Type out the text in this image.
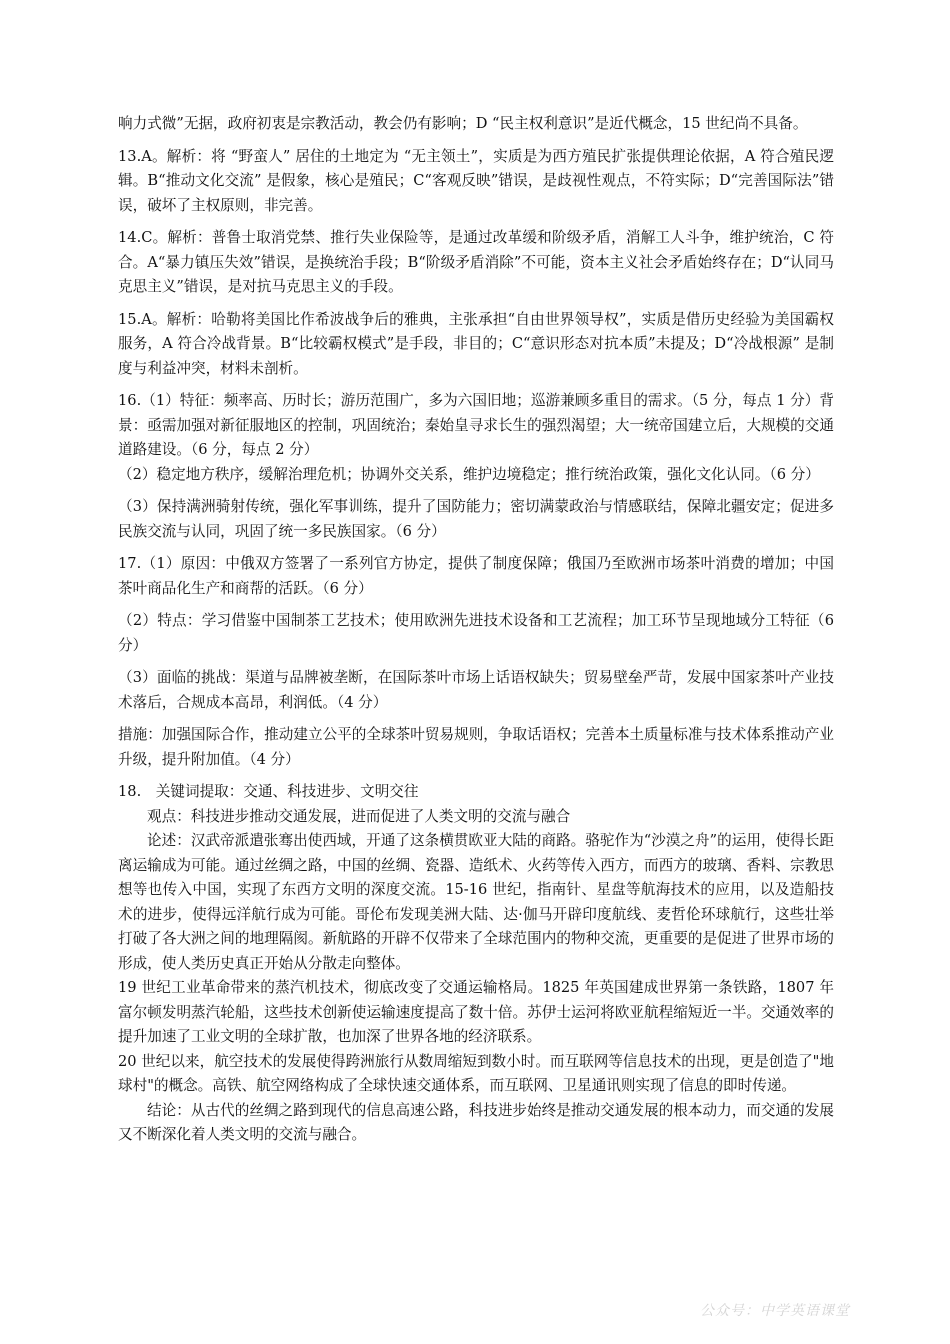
响力式微”无据，政府初衷是宗教活动，教会仍有影响；D “民主权利意识”是近代概念，15 世纪尚不具备。

13.A。解析：将 “野蛮人” 居住的土地定为 “无主领土”，实质是为西方殖民扩张提供理论依据，A 符合殖民逻辑。B“推动文化交流” 是假象，核心是殖民；C“客观反映”错误，是歧视性观点，不符实际；D“完善国际法”错误，破坏了主权原则，非完善。

14.C。解析：普鲁士取消党禁、推行失业保险等，是通过改革缓和阶级矛盾，消解工人斗争，维护统治，C 符合。A“暴力镇压失效”错误，是换统治手段；B“阶级矛盾消除”不可能，资本主义社会矛盾始终存在；D“认同马克思主义”错误，是对抗马克思主义的手段。

15.A。解析：哈勒将美国比作希波战争后的雅典，主张承担“自由世界领导权”，实质是借历史经验为美国霸权服务，A 符合冷战背景。B“比较霸权模式”是手段，非目的；C“意识形态对抗本质”未提及；D“冷战根源” 是制度与利益冲突，材料未剖析。

16.（1）特征：频率高、历时长；游历范围广，多为六国旧地；巡游兼顾多重目的需求。（5 分，每点 1 分）背景：亟需加强对新征服地区的控制，巩固统治；秦始皇寻求长生的强烈渴望；大一统帝国建立后，大规模的交通道路建设。（6 分，每点 2 分）

（2）稳定地方秩序，缓解治理危机；协调外交关系，维护边境稳定；推行统治政策，强化文化认同。（6 分）

（3）保持满洲骑射传统，强化军事训练，提升了国防能力；密切满蒙政治与情感联结，保障北疆安定；促进多民族交流与认同，巩固了统一多民族国家。（6 分）

17.（1）原因：中俄双方签署了一系列官方协定，提供了制度保障；俄国乃至欧洲市场茶叶消费的增加；中国茶叶商品化生产和商帮的活跃。（6 分）

（2）特点：学习借鉴中国制茶工艺技术；使用欧洲先进技术设备和工艺流程；加工环节呈现地域分工特征（6 分）

（3）面临的挑战：渠道与品牌被垄断，在国际茶叶市场上话语权缺失；贸易壁垒严苛，发展中国家茶叶产业技术落后，合规成本高昂，利润低。（4 分）

措施：加强国际合作，推动建立公平的全球茶叶贸易规则，争取话语权；完善本土质量标准与技术体系推动产业升级，提升附加值。（4 分）

18.　关键词提取：交通、科技进步、文明交往

观点：科技进步推动交通发展，进而促进了人类文明的交流与融合

论述：汉武帝派遣张骞出使西域，开通了这条横贯欧亚大陆的商路。骆驼作为“沙漠之舟”的运用，使得长距离运输成为可能。通过丝绸之路，中国的丝绸、瓷器、造纸术、火药等传入西方，而西方的玻璃、香料、宗教思想等也传入中国，实现了东西方文明的深度交流。15-16 世纪，指南针、星盘等航海技术的应用，以及造船技术的进步，使得远洋航行成为可能。哥伦布发现美洲大陆、达·伽马开辟印度航线、麦哲伦环球航行，这些壮举打破了各大洲之间的地理隔阂。新航路的开辟不仅带来了全球范围内的物种交流，更重要的是促进了世界市场的形成，使人类历史真正开始从分散走向整体。

19 世纪工业革命带来的蒸汽机技术，彻底改变了交通运输格局。1825 年英国建成世界第一条铁路，1807 年富尔顿发明蒸汽轮船，这些技术创新使运输速度提高了数十倍。苏伊士运河将欧亚航程缩短近一半。交通效率的提升加速了工业文明的全球扩散，也加深了世界各地的经济联系。

20 世纪以来，航空技术的发展使得跨洲旅行从数周缩短到数小时。而互联网等信息技术的出现，更是创造了"地球村"的概念。高铁、航空网络构成了全球快速交通体系，而互联网、卫星通讯则实现了信息的即时传递。

结论：从古代的丝绸之路到现代的信息高速公路，科技进步始终是推动交通发展的根本动力，而交通的发展又不断深化着人类文明的交流与融合。

公众号：中学英语课堂
